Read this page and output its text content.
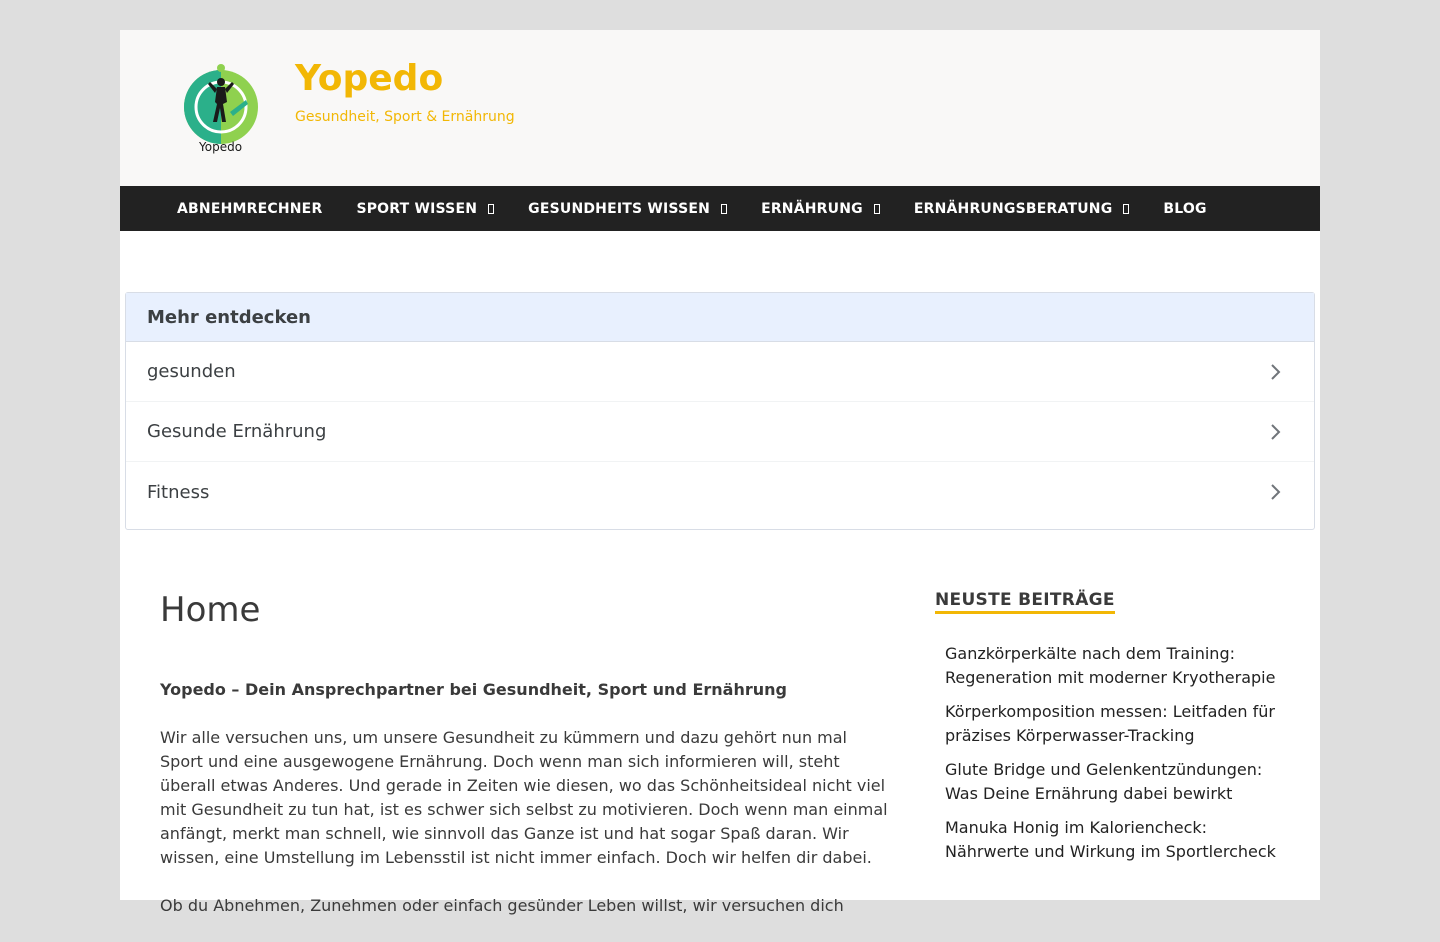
Yopedo
Yopedo
Gesundheit, Sport & Ernährung
ABNEHMRECHNER SPORT WISSEN	GESUNDHEITS WISSEN	ERNÄHRUNG	ERNÄHRUNGSBERATUNG	BLOG
Mehr entdecken
gesunden
Gesunde Ernährung
Fitness
Home

Yopedo – Dein Ansprechpartner bei Gesundheit, Sport und Ernährung

Wir alle versuchen uns, um unsere Gesundheit zu kümmern und dazu gehört nun mal Sport und eine ausgewogene Ernährung. Doch wenn man sich informieren will, steht überall etwas Anderes. Und gerade in Zeiten wie diesen, wo das Schönheitsideal nicht viel mit Gesundheit zu tun hat, ist es schwer sich selbst zu motivieren. Doch wenn man einmal anfängt, merkt man schnell, wie sinnvoll das Ganze ist und hat sogar Spaß daran. Wir wissen, eine Umstellung im Lebensstil ist nicht immer einfach. Doch wir helfen dir dabei.

Ob du Abnehmen, Zunehmen oder einfach gesünder Leben willst, wir versuchen dich

NEUSTE BEITRÄGE
Ganzkörperkälte nach dem Training: Regeneration mit moderner Kryotherapie
Körperkomposition messen: Leitfaden für präzises Körperwasser-Tracking
Glute Bridge und Gelenkentzündungen: Was Deine Ernährung dabei bewirkt
Manuka Honig im Kaloriencheck: Nährwerte und Wirkung im Sportlercheck
